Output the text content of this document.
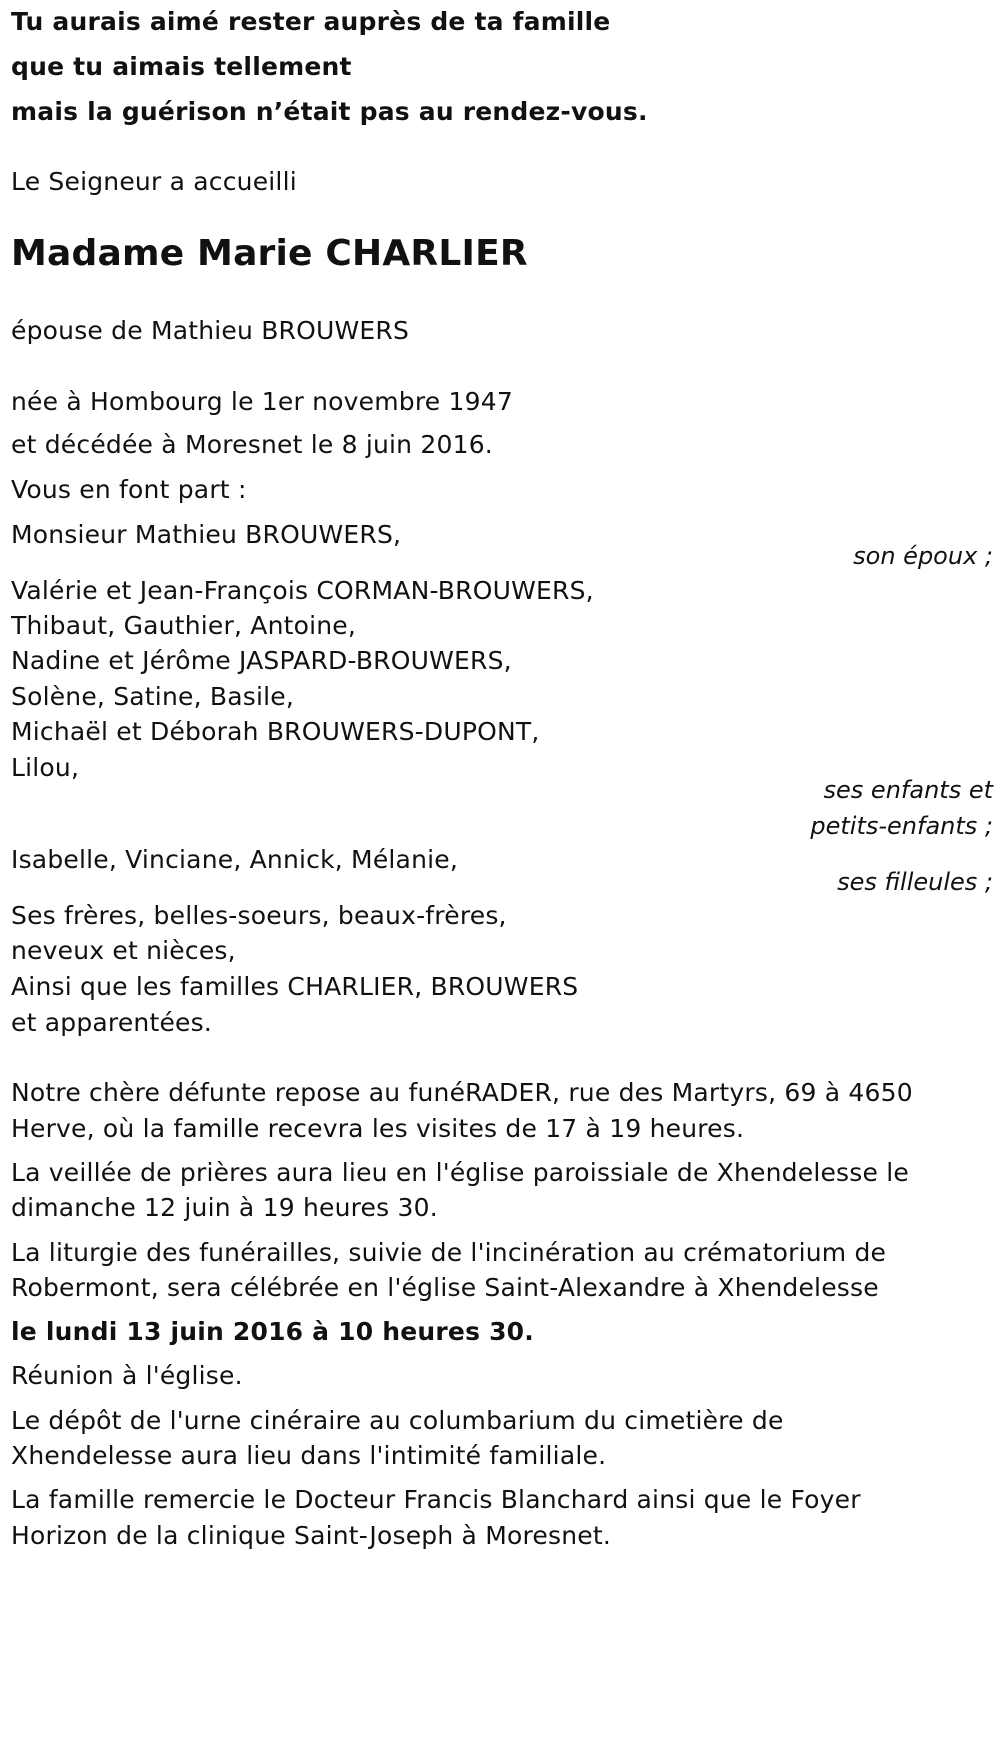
Tu aurais aimé rester auprès de ta famille
que tu aimais tellement
mais la guérison n’était pas au rendez-vous.
Le Seigneur a accueilli
Madame Marie CHARLIER
épouse de Mathieu BROUWERS
née à Hombourg le 1er novembre 1947
et décédée à Moresnet le 8 juin 2016.
Vous en font part :
Monsieur Mathieu BROUWERS,
son époux ;
Valérie et Jean-François CORMAN-BROUWERS,
Thibaut, Gauthier, Antoine,
Nadine et Jérôme JASPARD-BROUWERS,
Solène, Satine, Basile,
Michaël et Déborah BROUWERS-DUPONT,
Lilou,
ses enfants et
petits-enfants ;
Isabelle, Vinciane, Annick, Mélanie,
ses filleules ;
Ses frères, belles-soeurs, beaux-frères,
neveux et nièces,
Ainsi que les familles CHARLIER, BROUWERS
et apparentées.
Notre chère défunte repose au funéRADER, rue des Martyrs, 69 à 4650
Herve, où la famille recevra les visites de 17 à 19 heures.
La veillée de prières aura lieu en l'église paroissiale de Xhendelesse le
dimanche 12 juin à 19 heures 30.
La liturgie des funérailles, suivie de l'incinération au crématorium de
Robermont, sera célébrée en l'église Saint-Alexandre à Xhendelesse
le lundi 13 juin 2016 à 10 heures 30.
Réunion à l'église.
Le dépôt de l'urne cinéraire au columbarium du cimetière de
Xhendelesse aura lieu dans l'intimité familiale.
La famille remercie le Docteur Francis Blanchard ainsi que le Foyer
Horizon de la clinique Saint-Joseph à Moresnet.
